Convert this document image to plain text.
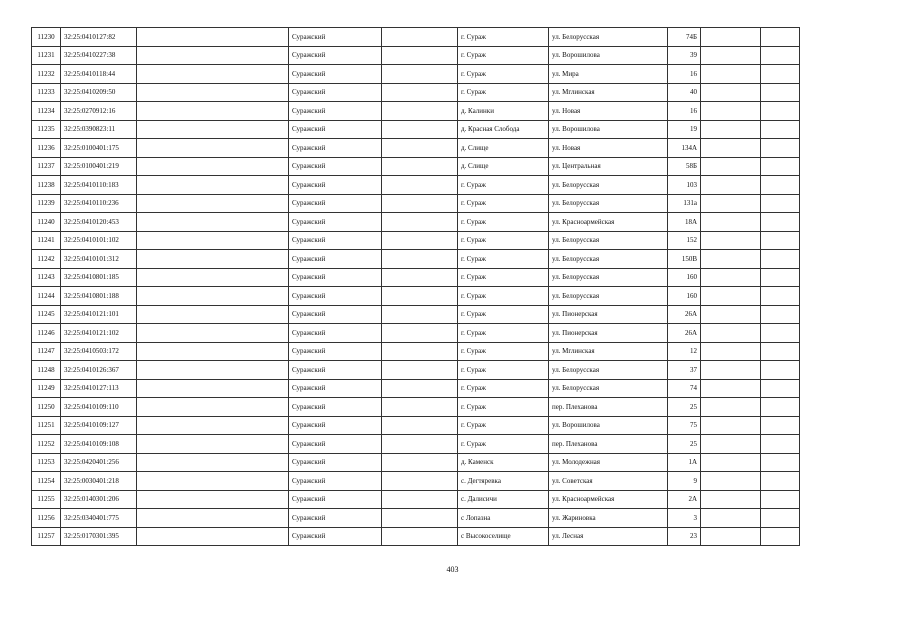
11230	32:25:0410127:82		Суражский		г. Сураж	ул. Белорусская	74Б		
11231	32:25:0410227:38		Суражский		г. Сураж	ул. Ворошилова	39		
11232	32:25:0410118:44		Суражский		г. Сураж	ул. Мира	16		
11233	32:25:0410209:50		Суражский		г. Сураж	ул. Мглинская	40		
11234	32:25:0270912:16		Суражский		д. Калинки	ул. Новая	16		
11235	32:25:0390823:11		Суражский		д. Красная Слобода	ул. Ворошилова	19		
11236	32:25:0100401:175		Суражский		д. Слище	ул. Новая	134А		
11237	32:25:0100401:219		Суражский		д. Слище	ул. Центральная	58Б		
11238	32:25:0410110:183		Суражский		г. Сураж	ул. Белорусская	103		
11239	32:25:0410110:236		Суражский		г. Сураж	ул. Белорусская	131а		
11240	32:25:0410120:453		Суражский		г. Сураж	ул. Красноармейская	18А		
11241	32:25:0410101:102		Суражский		г. Сураж	ул. Белорусская	152		
11242	32:25:0410101:312		Суражский		г. Сураж	ул. Белорусская	150В		
11243	32:25:0410801:185		Суражский		г. Сураж	ул. Белорусская	160		
11244	32:25:0410801:188		Суражский		г. Сураж	ул. Белорусская	160		
11245	32:25:0410121:101		Суражский		г. Сураж	ул. Пионерская	26А		
11246	32:25:0410121:102		Суражский		г. Сураж	ул. Пионерская	26А		
11247	32:25:0410503:172		Суражский		г. Сураж	ул. Мглинская	12		
11248	32:25:0410126:367		Суражский		г. Сураж	ул. Белорусская	37		
11249	32:25:0410127:113		Суражский		г. Сураж	ул. Белорусская	74		
11250	32:25:0410109:110		Суражский		г. Сураж	пер. Плеханова	25		
11251	32:25:0410109:127		Суражский		г. Сураж	ул. Ворошилова	75		
11252	32:25:0410109:108		Суражский		г. Сураж	пер. Плеханова	25		
11253	32:25:0420401:256		Суражский		д. Каменск	ул. Молодежная	1А		
11254	32:25:0030401:218		Суражский		с. Дегтяревка	ул. Советская	9		
11255	32:25:0140301:206		Суражский		с. Далисичи	ул. Красноармейская	2А		
11256	32:25:0340401:775		Суражский		с Лопазна	ул. Жариновка	3		
11257	32:25:0170301:395		Суражский		с Высокоселище	ул. Лесная	23		
403
